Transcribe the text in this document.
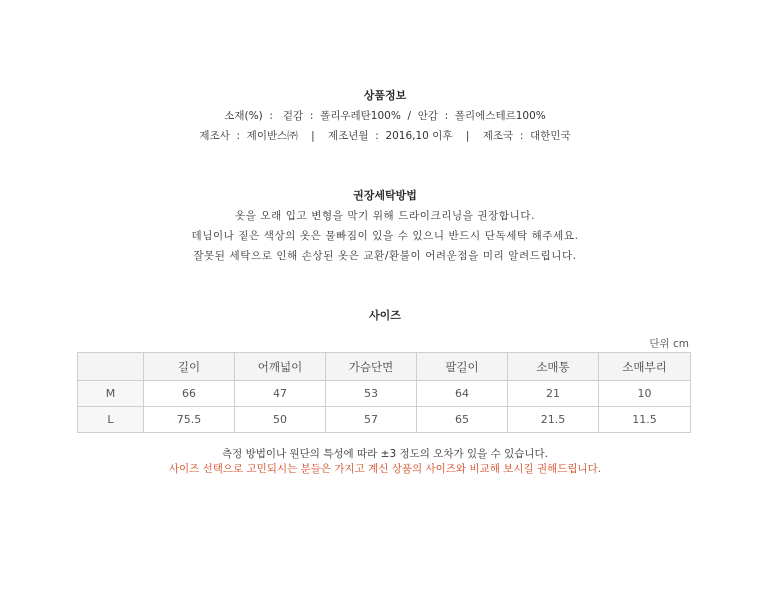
상품정보
소재(%)  :   겉감  :  폴리우레탄100%  /  안감  :  폴리에스테르100%
제조사  :  제이반스㈜    |    제조년월  :  2016,10 이후    |    제조국  :  대한민국
권장세탁방법
옷을 오래 입고 변형을 막기 위해 드라이크리닝을 권장합니다.
데님이나 짙은 색상의 옷은 물빠짐이 있을 수 있으니 반드시 단독세탁 해주세요.
잘못된 세탁으로 인해 손상된 옷은 교환/환불이 어려운점을 미리 알려드립니다.
사이즈
단위 cm
	길이	어깨넓이	가슴단면	팔길이	소매통	소매부리
M	66	47	53	64	21	10
L	75.5	50	57	65	21.5	11.5
측정 방법이나 원단의 특성에 따라 ±3 정도의 오차가 있을 수 있습니다.
사이즈 선택으로 고민되시는 분들은 가지고 계신 상품의 사이즈와 비교해 보시길 권해드립니다.
